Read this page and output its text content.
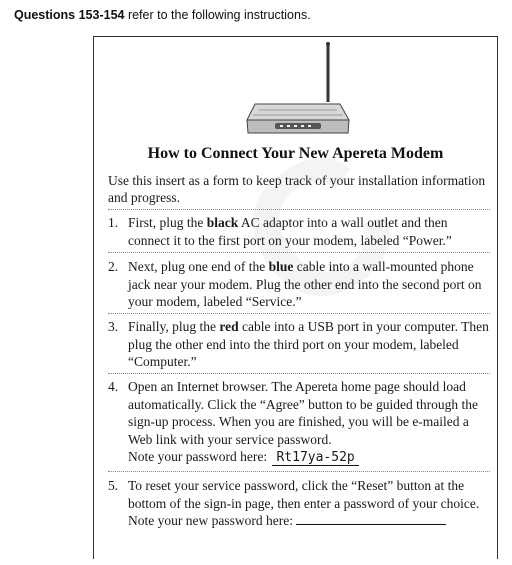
Questions 153-154 refer to the following instructions.
How to Connect Your New Apereta Modem
Use this insert as a form to keep track of your installation information and progress.
1. First, plug the black AC adaptor into a wall outlet and then connect it to the first port on your modem, labeled “Power.”
2. Next, plug one end of the blue cable into a wall-mounted phone jack near your modem. Plug the other end into the second port on your modem, labeled “Service.”
3. Finally, plug the red cable into a USB port in your computer. Then plug the other end into the third port on your modem, labeled “Computer.”
4. Open an Internet browser. The Apereta home page should load automatically. Click the “Agree” button to be guided through the sign-up process. When you are finished, you will be e-mailed a Web link with your service password.
Note your password here: Rt17ya-52p
5. To reset your service password, click the “Reset” button at the bottom of the sign-in page, then enter a password of your choice.
Note your new password here:
